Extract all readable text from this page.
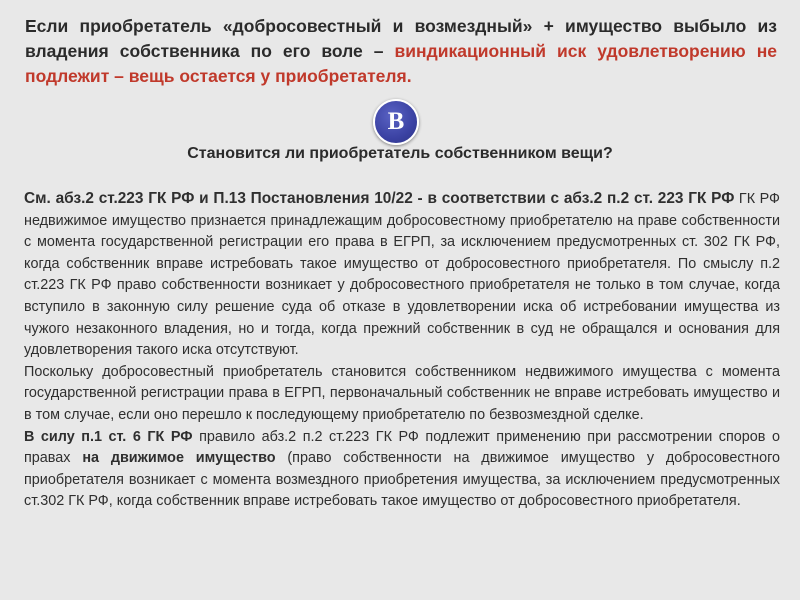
Если приобретатель «добросовестный и возмездный» + имущество выбыло из владения собственника по его воле – виндикационный иск удовлетворению не подлежит – вещь остается у приобретателя.
В
Становится ли приобретатель собственником вещи?

См. абз.2 ст.223 ГК РФ и П.13 Постановления 10/22 - в соответствии с абз.2 п.2 ст. 223 ГК РФ ГК РФ недвижимое имущество признается принадлежащим добросовестному приобретателю на праве собственности с момента государственной регистрации его права в ЕГРП, за исключением предусмотренных ст. 302 ГК РФ, когда собственник вправе истребовать такое имущество от добросовестного приобретателя. По смыслу п.2 ст.223 ГК РФ право собственности возникает у добросовестного приобретателя не только в том случае, когда вступило в законную силу решение суда об отказе в удовлетворении иска об истребовании имущества из чужого незаконного владения, но и тогда, когда прежний собственник в суд не обращался и основания для удовлетворения такого иска отсутствуют.

Поскольку добросовестный приобретатель становится собственником недвижимого имущества с момента государственной регистрации права в ЕГРП, первоначальный собственник не вправе истребовать имущество и в том случае, если оно перешло к последующему приобретателю по безвозмездной сделке.

В силу п.1 ст. 6 ГК РФ правило абз.2 п.2 ст.223 ГК РФ подлежит применению при рассмотрении споров о правах на движимое имущество (право собственности на движимое имущество у добросовестного приобретателя возникает с момента возмездного приобретения имущества, за исключением предусмотренных ст.302 ГК РФ, когда собственник вправе истребовать такое имущество от добросовестного приобретателя.
